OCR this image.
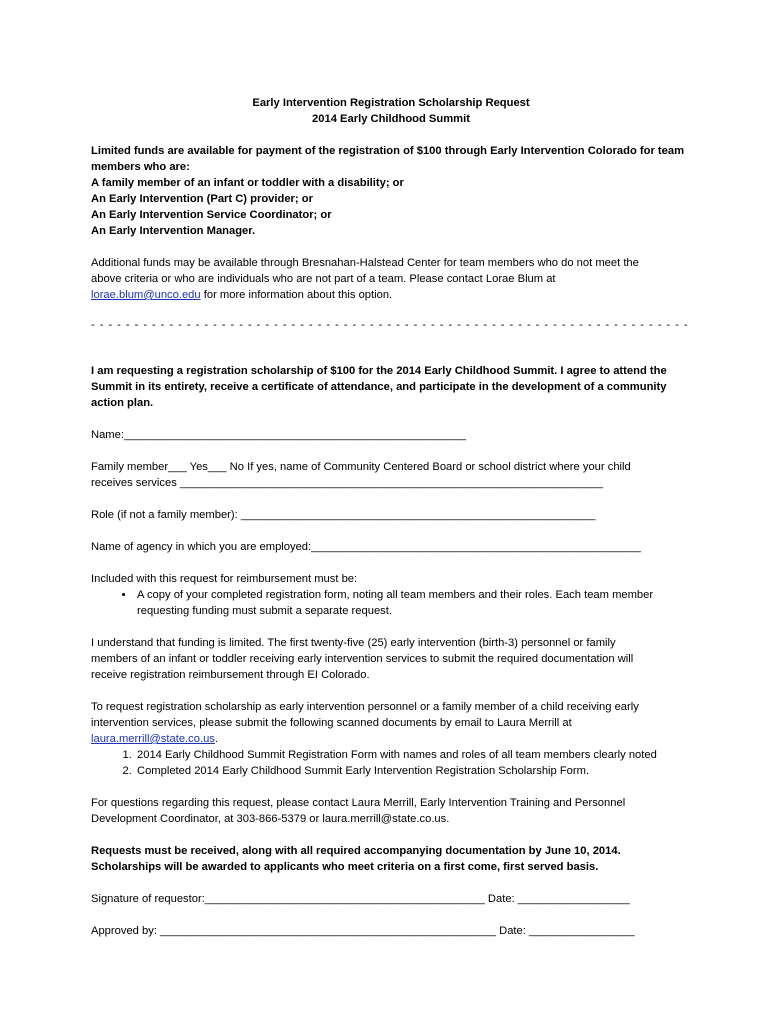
Early Intervention Registration Scholarship Request

2014 Early Childhood Summit

Limited funds are available for payment of the registration of $100 through Early Intervention Colorado for team

members who are:

A family member of an infant or toddler with a disability; or

An Early Intervention (Part C) provider; or

An Early Intervention Service Coordinator; or

An Early Intervention Manager.

Additional funds may be available through Bresnahan-Halstead Center for team members who do not meet the

above criteria or who are individuals who are not part of a team. Please contact Lorae Blum at

lorae.blum@unco.edu for more information about this option.

- - - - - - - - - - - - - - - - - - - - - - - - - - - - - - - - - - - - - - - - - - - - - - - - - - - - - - - - - - - - - - - - - - - - -

I am requesting a registration scholarship of $100 for the 2014 Early Childhood Summit. I agree to attend the

Summit in its entirety, receive a certificate of attendance, and participate in the development of a community

action plan.

Name:_______________________________________________________

Family member___ Yes___ No If yes, name of Community Centered Board or school district where your child

receives services ____________________________________________________________________

Role (if not a family member): _________________________________________________________

Name of agency in which you are employed:_____________________________________________________

Included with this request for reimbursement must be:

• A copy of your completed registration form, noting all team members and their roles. Each team member
requesting funding must submit a separate request.

I understand that funding is limited. The first twenty-five (25) early intervention (birth-3) personnel or family

members of an infant or toddler receiving early intervention services to submit the required documentation will

receive registration reimbursement through EI Colorado.

To request registration scholarship as early intervention personnel or a family member of a child receiving early

intervention services, please submit the following scanned documents by email to Laura Merrill at

laura.merrill@state.co.us.

1. 2014 Early Childhood Summit Registration Form with names and roles of all team members clearly noted
2. Completed 2014 Early Childhood Summit Early Intervention Registration Scholarship Form.

For questions regarding this request, please contact Laura Merrill, Early Intervention Training and Personnel

Development Coordinator, at 303-866-5379 or laura.merrill@state.co.us.

Requests must be received, along with all required accompanying documentation by June 10, 2014.

Scholarships will be awarded to applicants who meet criteria on a first come, first served basis.

Signature of requestor:_____________________________________________ Date: __________________

Approved by: ______________________________________________________ Date: _________________
